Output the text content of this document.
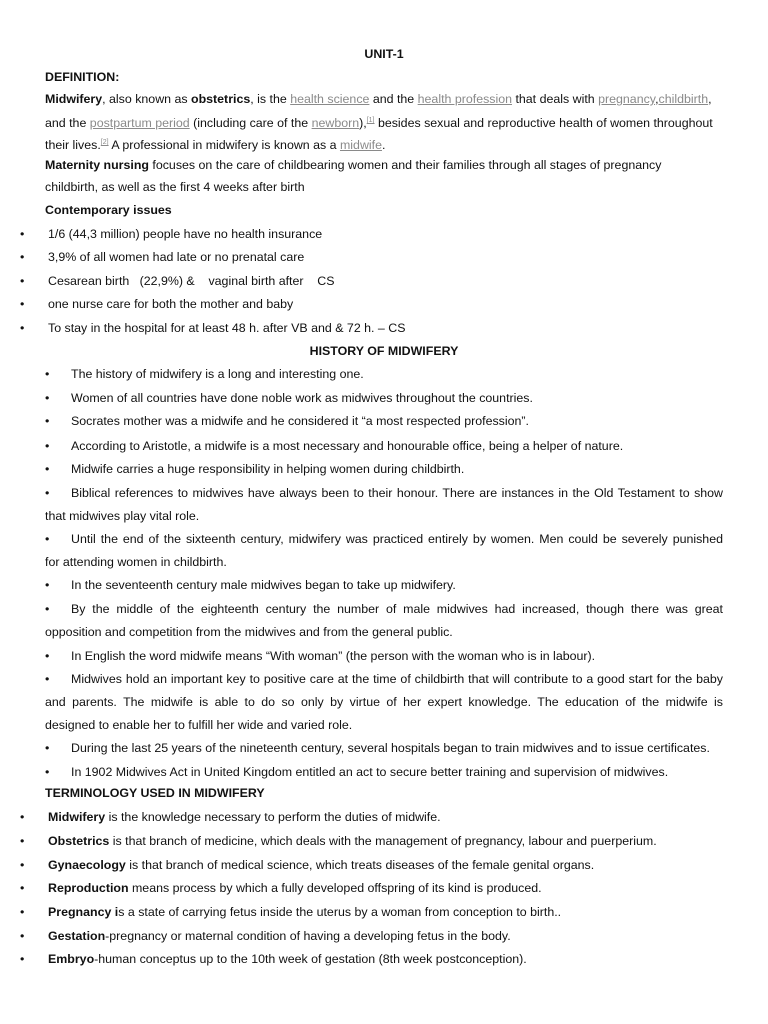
UNIT-1
DEFINITION:
Midwifery, also known as obstetrics, is the health science and the health profession that deals with pregnancy,childbirth,
and the postpartum period (including care of the newborn),[1] besides sexual and reproductive health of women throughout
their lives.[2] A professional in midwifery is known as a midwife.
Maternity nursing focuses on the care of childbearing women and their families through all stages of pregnancy
childbirth, as well as the first 4 weeks after birth
Contemporary issues
• 1/6 (44,3 million) people have no health insurance
• 3,9% of all women had late or no prenatal care
• Cesarean birth   (22,9%) &    vaginal birth after    CS
• one nurse care for both the mother and baby
• To stay in the hospital for at least 48 h. after VB and & 72 h. – CS
HISTORY OF MIDWIFERY
• The history of midwifery is a long and interesting one.
• Women of all countries have done noble work as midwives throughout the countries.
• Socrates mother was a midwife and he considered it “a most respected profession”.
• According to Aristotle, a midwife is a most necessary and honourable office, being a helper of nature.
• Midwife carries a huge responsibility in helping women during childbirth.
• Biblical references to midwives have always been to their honour. There are instances in the Old Testament to show
that midwives play vital role.
• Until the end of the sixteenth century, midwifery was practiced entirely by women. Men could be severely punished
for attending women in childbirth.
• In the seventeenth century male midwives began to take up midwifery.
• By the middle of the eighteenth century the number of male midwives had increased, though there was great
opposition and competition from the midwives and from the general public.
• In English the word midwife means “With woman” (the person with the woman who is in labour).
• Midwives hold an important key to positive care at the time of childbirth that will contribute to a good start for the baby
and parents. The midwife is able to do so only by virtue of her expert knowledge. The education of the midwife is
designed to enable her to fulfill her wide and varied role.
• During the last 25 years of the nineteenth century, several hospitals began to train midwives and to issue certificates.
• In 1902 Midwives Act in United Kingdom entitled an act to secure better training and supervision of midwives.
TERMINOLOGY USED IN MIDWIFERY
• Midwifery is the knowledge necessary to perform the duties of midwife.
• Obstetrics is that branch of medicine, which deals with the management of pregnancy, labour and puerperium.
• Gynaecology is that branch of medical science, which treats diseases of the female genital organs.
• Reproduction means process by which a fully developed offspring of its kind is produced.
• Pregnancy is a state of carrying fetus inside the uterus by a woman from conception to birth..
• Gestation-pregnancy or maternal condition of having a developing fetus in the body.
• Embryo-human conceptus up to the 10th week of gestation (8th week postconception).
